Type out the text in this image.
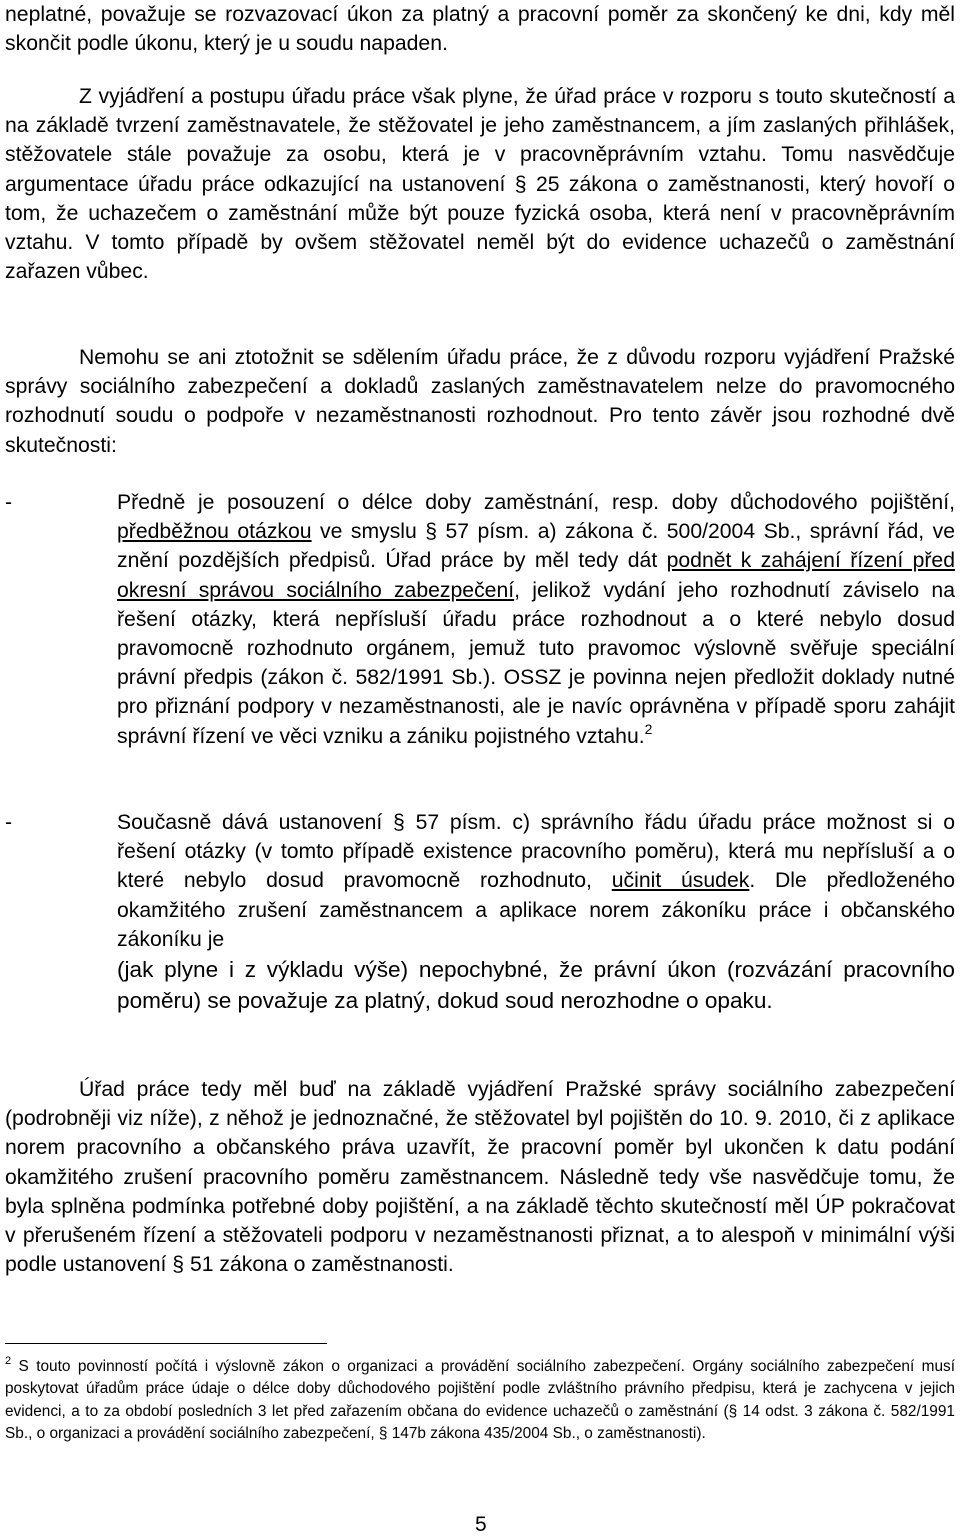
neplatné, považuje se rozvazovací úkon za platný a pracovní poměr za skončený ke dni, kdy měl skončit podle úkonu, který je u soudu napaden.

Z vyjádření a postupu úřadu práce však plyne, že úřad práce v rozporu s touto skutečností a na základě tvrzení zaměstnavatele, že stěžovatel je jeho zaměstnancem, a jím zaslaných přihlášek, stěžovatele stále považuje za osobu, která je v pracovněprávním vztahu. Tomu nasvědčuje argumentace úřadu práce odkazující na ustanovení § 25 zákona o zaměstnanosti, který hovoří o tom, že uchazečem o zaměstnání může být pouze fyzická osoba, která není v pracovněprávním vztahu. V tomto případě by ovšem stěžovatel neměl být do evidence uchazečů o zaměstnání zařazen vůbec.

Nemohu se ani ztotožnit se sdělením úřadu práce, že z důvodu rozporu vyjádření Pražské správy sociálního zabezpečení a dokladů zaslaných zaměstnavatelem nelze do pravomocného rozhodnutí soudu o podpoře v nezaměstnanosti rozhodnout. Pro tento závěr jsou rozhodné dvě skutečnosti:

-	Předně je posouzení o délce doby zaměstnání, resp. doby důchodového pojištění, předběžnou otázkou ve smyslu § 57 písm. a) zákona č. 500/2004 Sb., správní řád, ve znění pozdějších předpisů. Úřad práce by měl tedy dát podnět k zahájení řízení před okresní správou sociálního zabezpečení, jelikož vydání jeho rozhodnutí záviselo na řešení otázky, která nepřísluší úřadu práce rozhodnout a o které nebylo dosud pravomocně rozhodnuto orgánem, jemuž tuto pravomoc výslovně svěřuje speciální právní předpis (zákon č. 582/1991 Sb.). OSSZ je povinna nejen předložit doklady nutné pro přiznání podpory v nezaměstnanosti, ale je navíc oprávněna v případě sporu zahájit správní řízení ve věci vzniku a zániku pojistného vztahu.$^2$

-	Současně dává ustanovení § 57 písm. c) správního řádu úřadu práce možnost si o řešení otázky (v tomto případě existence pracovního poměru), která mu nepřísluší a o které nebylo dosud pravomocně rozhodnuto, učinit úsudek. Dle předloženého okamžitého zrušení zaměstnancem a aplikace norem zákoníku práce i občanského zákoníku je

(jak plyne i z výkladu výše) nepochybné, že právní úkon (rozvázání pracovního poměru) se považuje za platný, dokud soud nerozhodne o opaku.

Úřad práce tedy měl buď na základě vyjádření Pražské správy sociálního zabezpečení (podrobněji viz níže), z něhož je jednoznačné, že stěžovatel byl pojištěn do 10. 9. 2010, či z aplikace norem pracovního a občanského práva uzavřít, že pracovní poměr byl ukončen k datu podání okamžitého zrušení pracovního poměru zaměstnancem. Následně tedy vše nasvědčuje tomu, že byla splněna podmínka potřebné doby pojištění, a na základě těchto skutečností měl ÚP pokračovat v přerušeném řízení a stěžovateli podporu v nezaměstnanosti přiznat, a to alespoň v minimální výši podle ustanovení § 51 zákona o zaměstnanosti.

$^2$ S touto povinností počítá i výslovně zákon o organizaci a provádění sociálního zabezpečení. Orgány sociálního zabezpečení musí poskytovat úřadům práce údaje o délce doby důchodového pojištění podle zvláštního právního předpisu, která je zachycena v jejich evidenci, a to za období posledních 3 let před zařazením občana do evidence uchazečů o zaměstnání (§ 14 odst. 3 zákona č. 582/1991 Sb., o organizaci a provádění sociálního zabezpečení, § 147b zákona 435/2004 Sb., o zaměstnanosti).
5
